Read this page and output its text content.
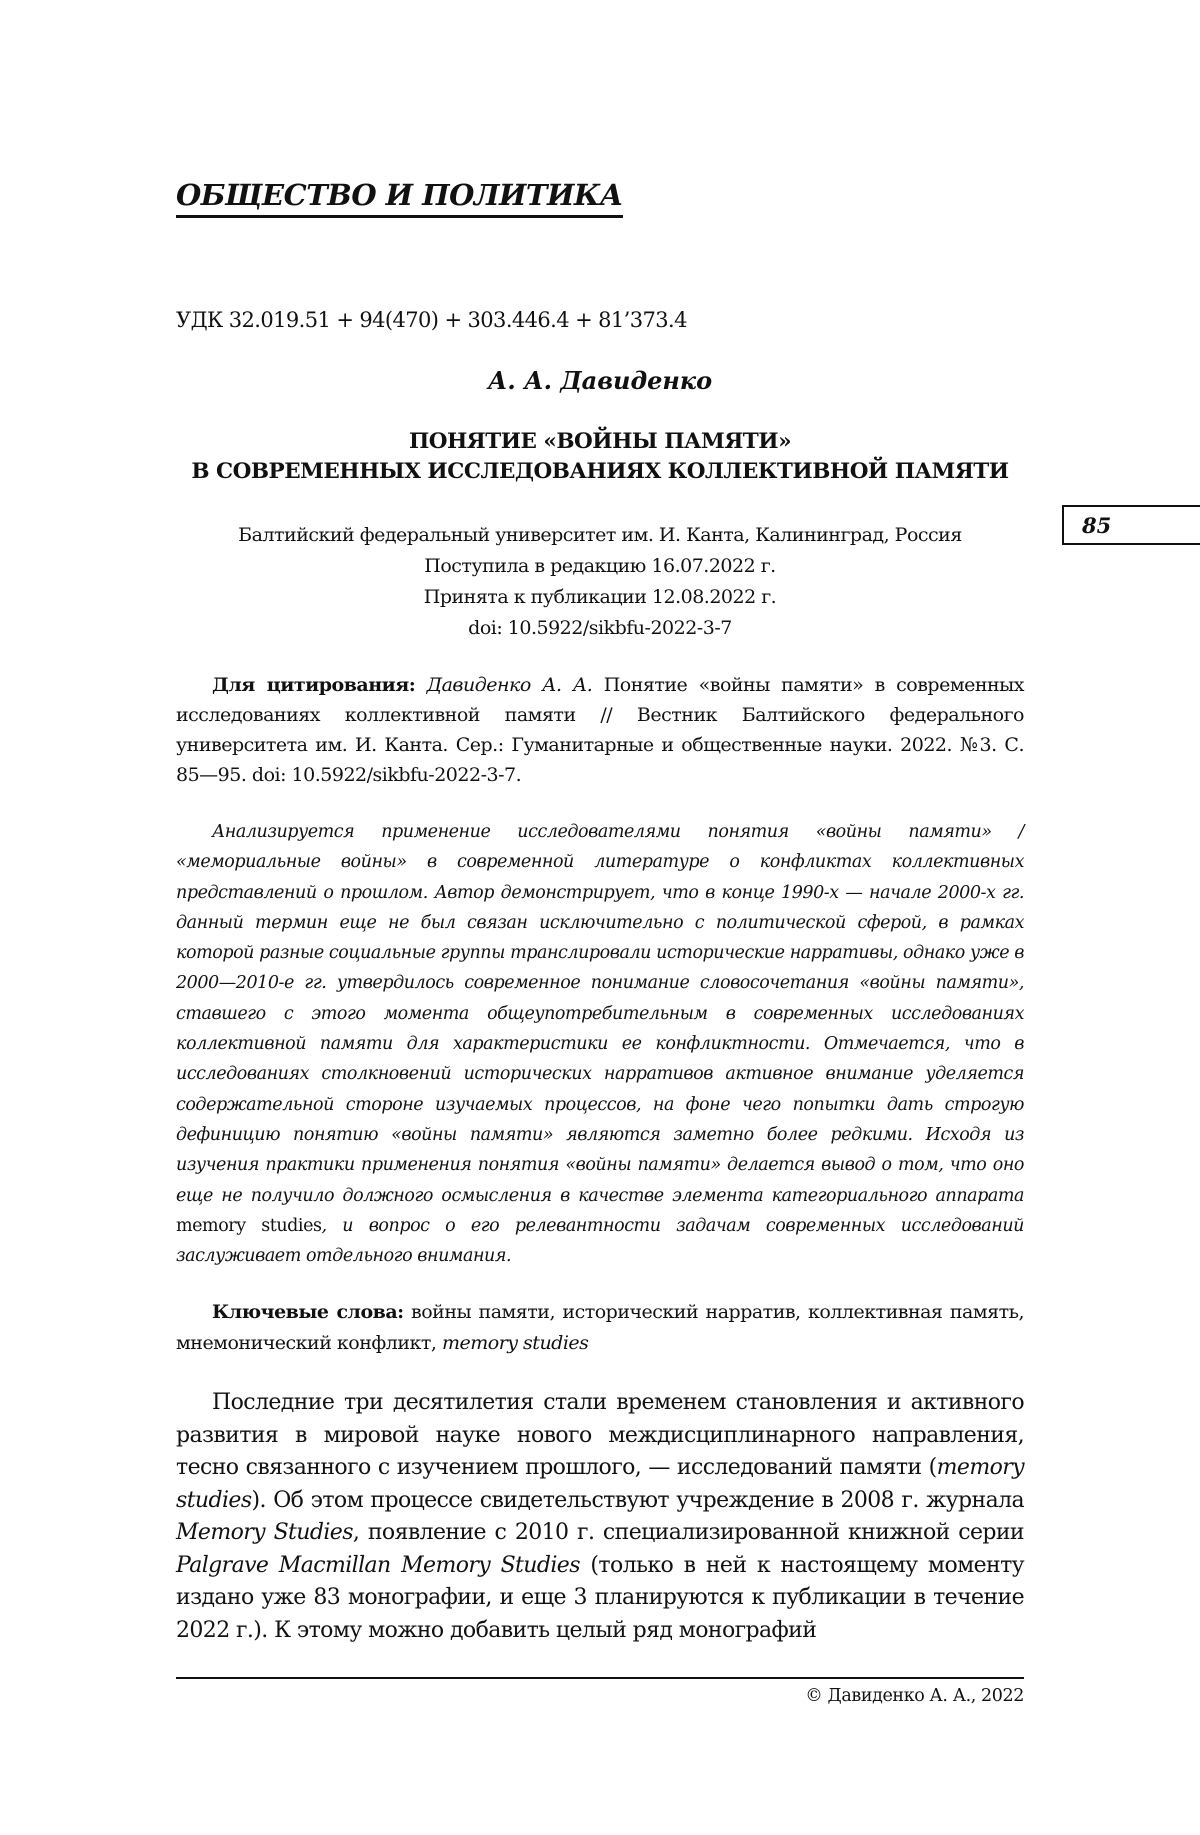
ОБЩЕСТВО И ПОЛИТИКА
УДК 32.019.51 + 94(470) + 303.446.4 + 81’373.4
А. А. Давиденко
ПОНЯТИЕ «ВОЙНЫ ПАМЯТИ»
В СОВРЕМЕННЫХ ИССЛЕДОВАНИЯХ КОЛЛЕКТИВНОЙ ПАМЯТИ
Балтийский федеральный университет им. И. Канта, Калининград, Россия
Поступила в редакцию 16.07.2022 г.
Принята к публикации 12.08.2022 г.
doi: 10.5922/sikbfu-2022-3-7
85
Для цитирования: Давиденко А. А. Понятие «войны памяти» в современных исследованиях коллективной памяти // Вестник Балтийского федерального университета им. И. Канта. Сер.: Гуманитарные и общественные науки. 2022. №3. С. 85—95. doi: 10.5922/sikbfu-2022-3-7.
Анализируется применение исследователями понятия «войны памяти» / «мемориальные войны» в современной литературе о конфликтах коллективных представлений о прошлом. Автор демонстрирует, что в конце 1990-х — начале 2000-х гг. данный термин еще не был связан исключительно с политической сферой, в рамках которой разные социальные группы транслировали исторические нарративы, однако уже в 2000—2010-е гг. утвердилось современное понимание словосочетания «войны памяти», ставшего с этого момента общеупотребительным в современных исследованиях коллективной памяти для характеристики ее конфликтности. Отмечается, что в исследованиях столкновений исторических нарративов активное внимание уделяется содержательной стороне изучаемых процессов, на фоне чего попытки дать строгую дефиницию понятию «войны памяти» являются заметно более редкими. Исходя из изучения практики применения понятия «войны памяти» делается вывод о том, что оно еще не получило должного осмысления в качестве элемента категориального аппарата memory studies, и вопрос о его релевантности задачам современных исследований заслуживает отдельного внимания.
Ключевые слова: войны памяти, исторический нарратив, коллективная память, мнемонический конфликт, memory studies
Последние три десятилетия стали временем становления и активного развития в мировой науке нового междисциплинарного направления, тесно связанного с изучением прошлого, — исследований памяти (memory studies). Об этом процессе свидетельствуют учреждение в 2008 г. журнала Memory Studies, появление с 2010 г. специализированной книжной серии Palgrave Macmillan Memory Studies (только в ней к настоящему моменту издано уже 83 монографии, и еще 3 планируются к публикации в течение 2022 г.). К этому можно добавить целый ряд монографий
© Давиденко А. А., 2022
